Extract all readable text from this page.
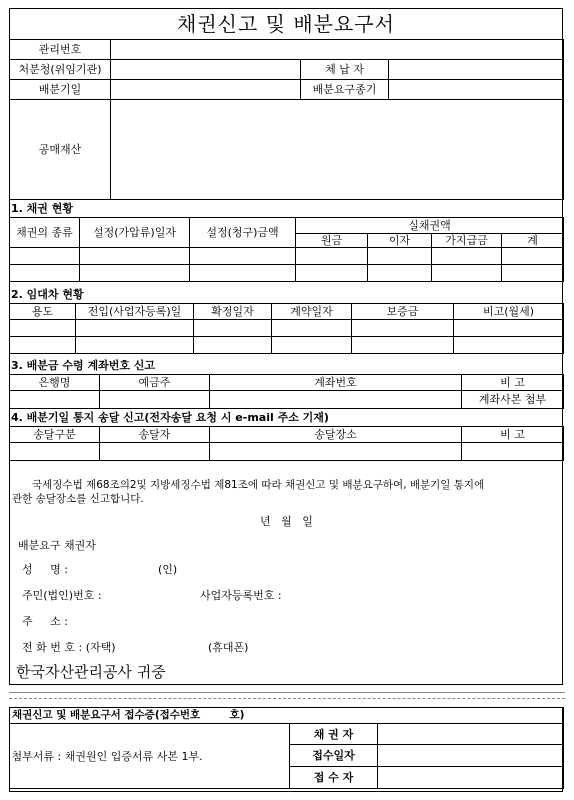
채권신고 및 배분요구서
관리번호			
처분청(위임기관)		체 납 자	
배분기일		배분요구종기	
공매재산			
1. 채권 현황
채권의 종류	설정(가압류)일자	설정(청구)금액	실채권액			
			원금	이자	가지급금	계

2. 임대차 현황
용도	전입(사업자등록)일	확정일자	계약일자	보증금	비고(월세)

3. 배분금 수령 계좌번호 신고
은행명	예금주	계좌번호	비 고
			계좌사본 첨부
4. 배분기일 통지 송달 신고(전자송달 요청 시 e-mail 주소 기재)
송달구분	송달자	송달장소	비 고

국세징수법 제68조의2및 지방세징수법 제81조에 따라 채권신고 및 배분요구하여, 배분기일 통지에
관한 송달장소를 신고합니다.
년   월   일
배분요구 채권자
성     명 :	(인)
주민(법인)번호 :	사업자등록번호 :
주     소 :
전 화 번 호 : (자택)	(휴대폰)
한국자산관리공사 귀중
채권신고 및 배분요구서 접수증(접수번호        호)		
첨부서류 : 채권원인 입증서류 사본 1부.	채 권 자	
	접수일자	
	접 수 자	
